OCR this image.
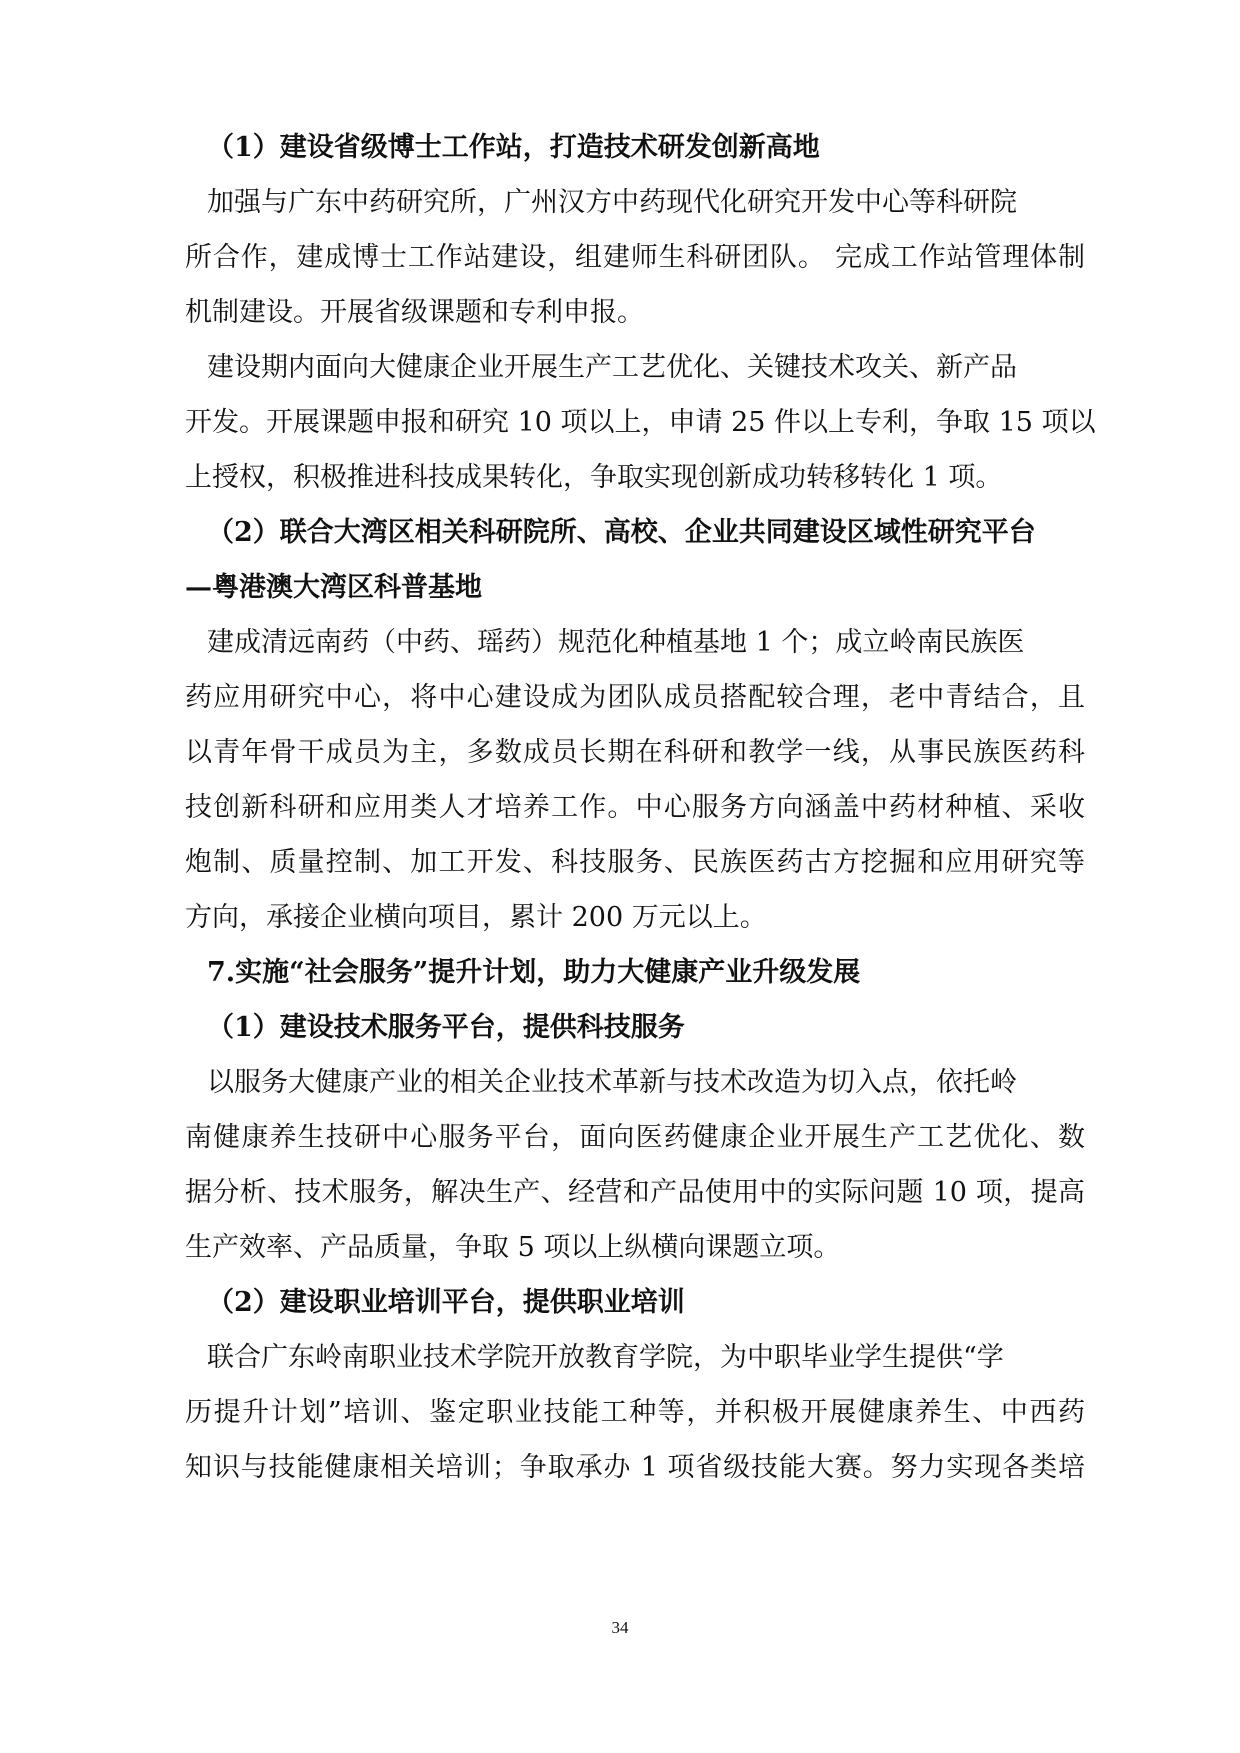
（1）建设省级博士工作站，打造技术研发创新高地
加强与广东中药研究所，广州汉方中药现代化研究开发中心等科研院
所合作，建成博士工作站建设，组建师生科研团队。 完成工作站管理体制
机制建设。开展省级课题和专利申报。
建设期内面向大健康企业开展生产工艺优化、关键技术攻关、新产品
开发。开展课题申报和研究 10 项以上，申请 25 件以上专利，争取 15 项以
上授权，积极推进科技成果转化，争取实现创新成功转移转化 1 项。
（2）联合大湾区相关科研院所、高校、企业共同建设区域性研究平台
—粤港澳大湾区科普基地
建成清远南药（中药、瑶药）规范化种植基地 1 个；成立岭南民族医
药应用研究中心，将中心建设成为团队成员搭配较合理，老中青结合，且
以青年骨干成员为主，多数成员长期在科研和教学一线，从事民族医药科
技创新科研和应用类人才培养工作。中心服务方向涵盖中药材种植、采收
炮制、质量控制、加工开发、科技服务、民族医药古方挖掘和应用研究等
方向，承接企业横向项目，累计 200 万元以上。
7.实施“社会服务”提升计划，助力大健康产业升级发展
（1）建设技术服务平台，提供科技服务
以服务大健康产业的相关企业技术革新与技术改造为切入点，依托岭
南健康养生技研中心服务平台，面向医药健康企业开展生产工艺优化、数
据分析、技术服务，解决生产、经营和产品使用中的实际问题 10 项，提高
生产效率、产品质量，争取 5 项以上纵横向课题立项。
（2）建设职业培训平台，提供职业培训
联合广东岭南职业技术学院开放教育学院，为中职毕业学生提供“学
历提升计划”培训、鉴定职业技能工种等，并积极开展健康养生、中西药
知识与技能健康相关培训；争取承办 1 项省级技能大赛。努力实现各类培
34
